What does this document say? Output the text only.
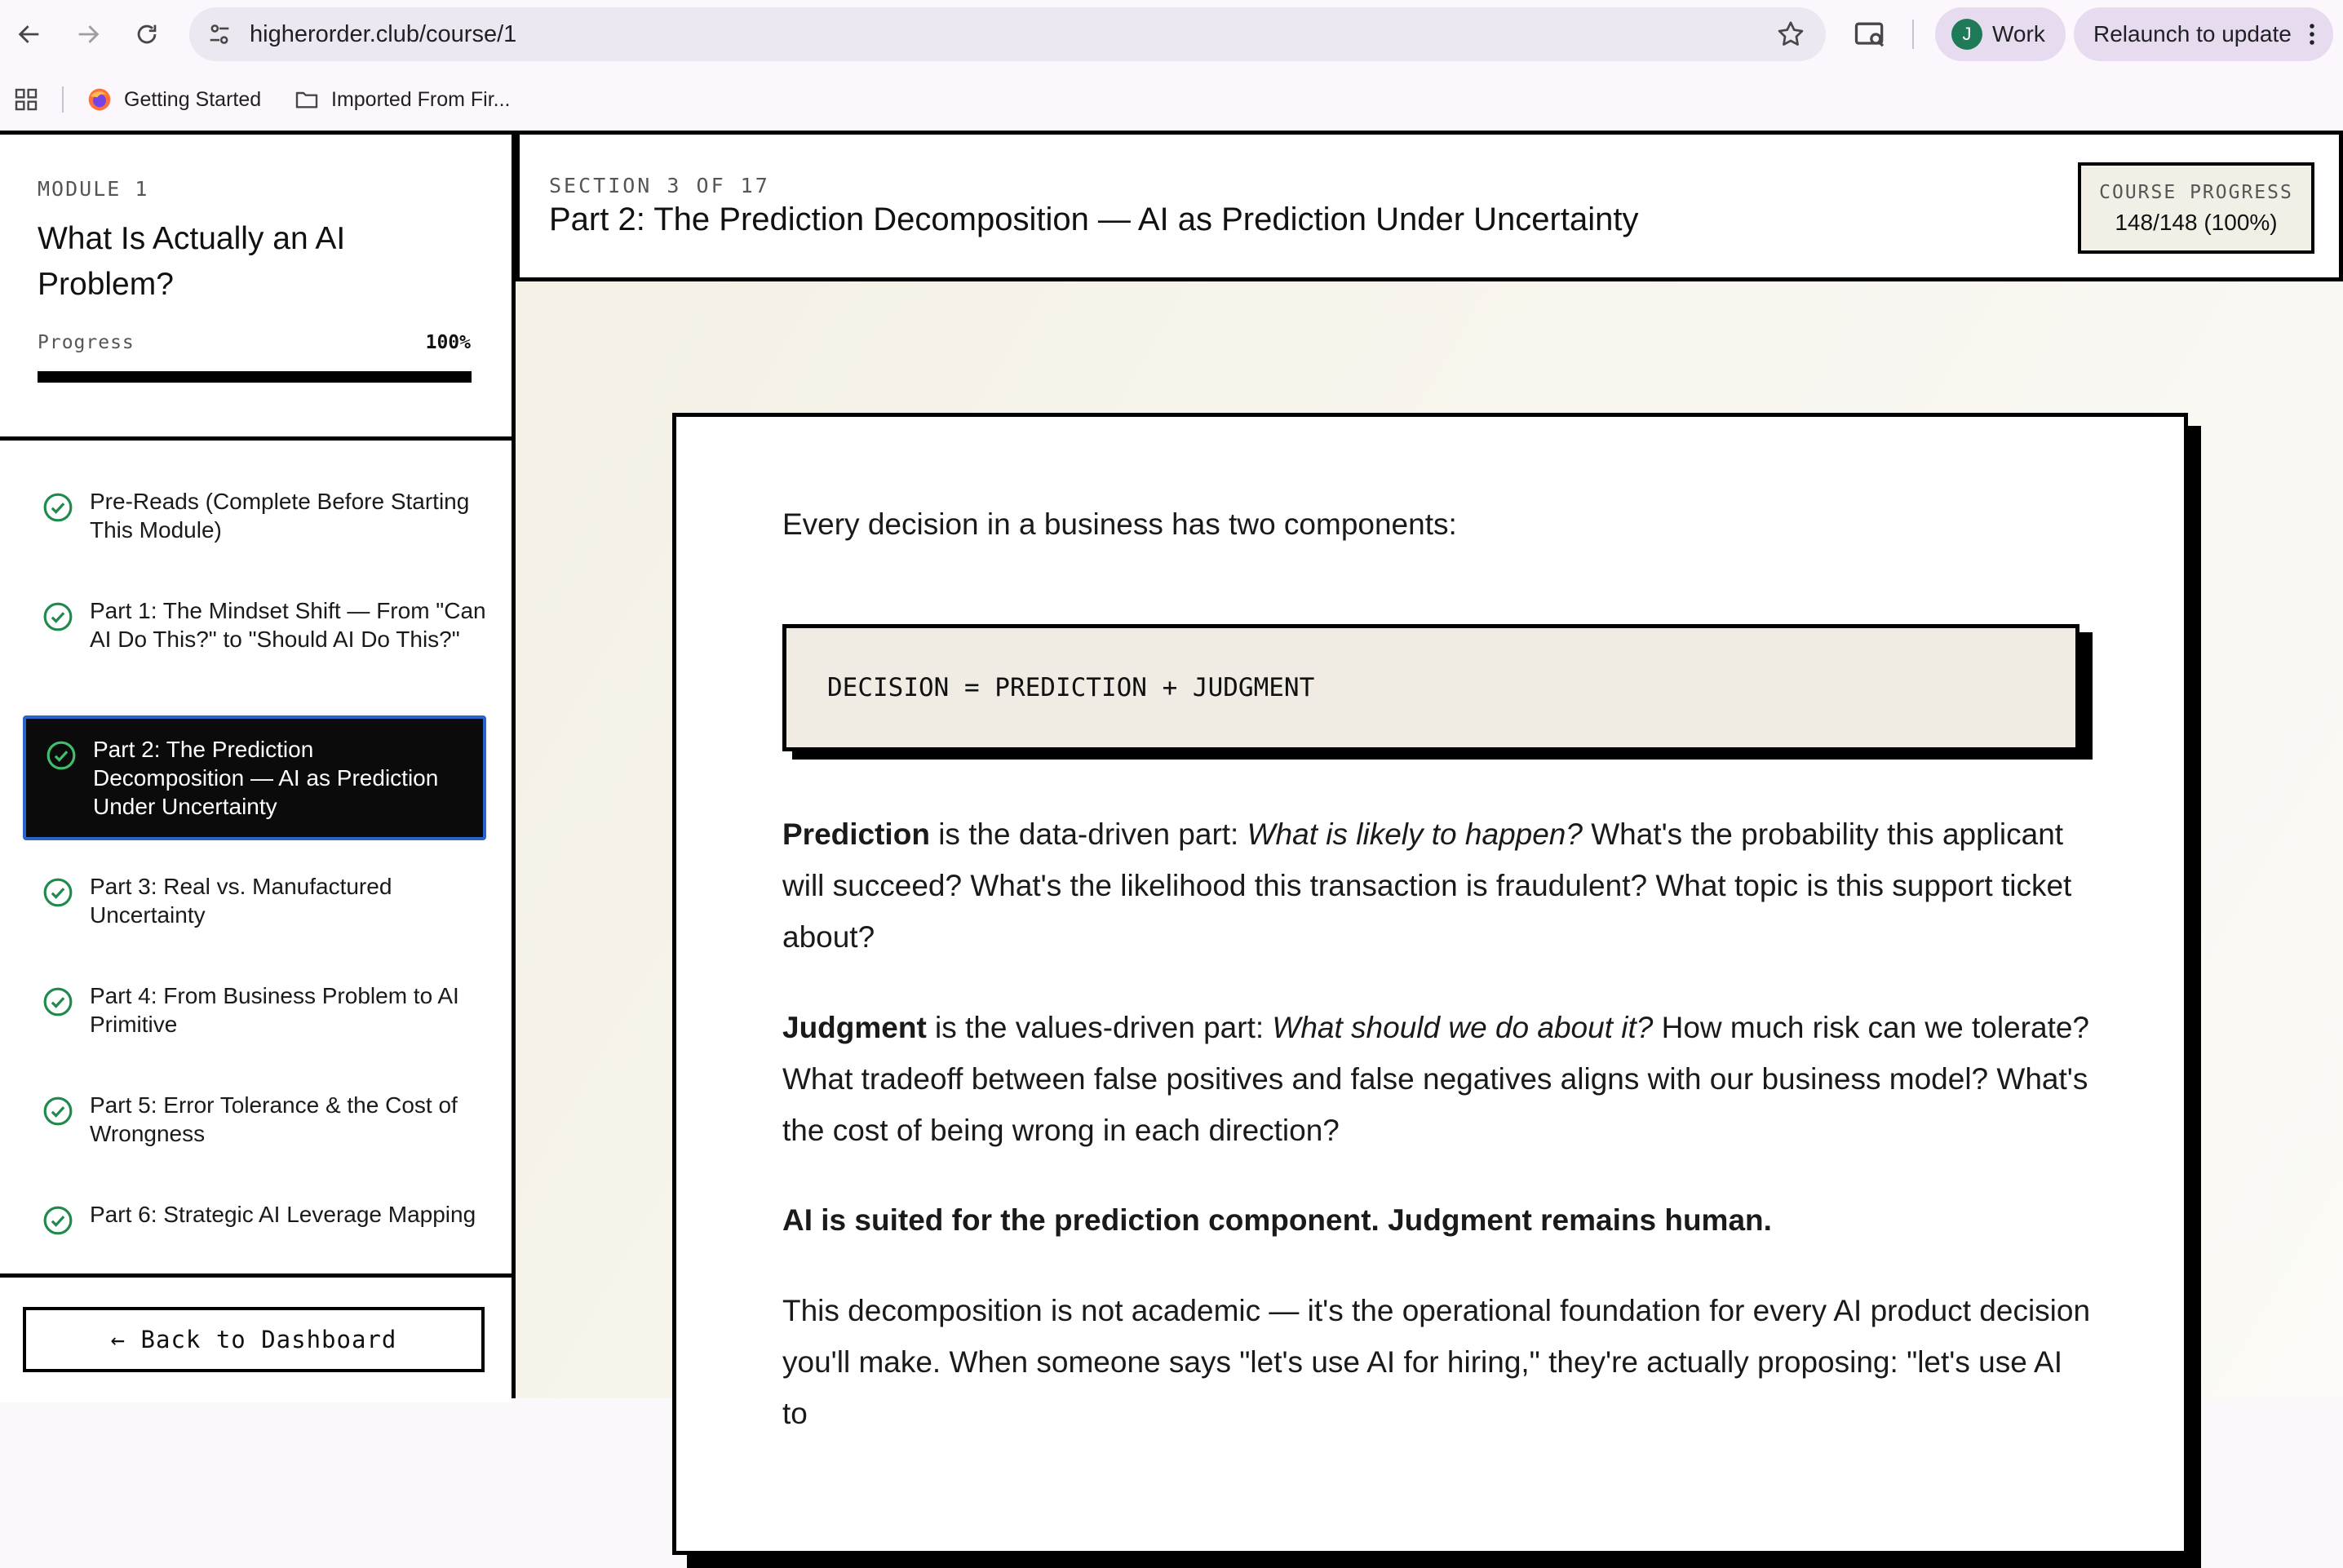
higherorder.club/course/1	J Work Relaunch to update
Getting Started	Imported From Fir...
MODULE 1
What Is Actually an AI Problem?
Progress	100%
Pre-Reads (Complete Before Starting This Module)
Part 1: The Mindset Shift — From "Can AI Do This?" to "Should AI Do This?"
Part 2: The Prediction Decomposition — AI as Prediction Under Uncertainty
Part 3: Real vs. Manufactured Uncertainty
Part 4: From Business Problem to AI Primitive
Part 5: Error Tolerance & the Cost of Wrongness
Part 6: Strategic AI Leverage Mapping
← Back to Dashboard
SECTION 3 OF 17
Part 2: The Prediction Decomposition — AI as Prediction Under Uncertainty
COURSE PROGRESS
148/148 (100%)
Every decision in a business has two components:
DECISION = PREDICTION + JUDGMENT
Prediction is the data-driven part: What is likely to happen? What's the probability this applicant will succeed? What's the likelihood this transaction is fraudulent? What topic is this support ticket about?
Judgment is the values-driven part: What should we do about it? How much risk can we tolerate? What tradeoff between false positives and false negatives aligns with our business model? What's the cost of being wrong in each direction?
AI is suited for the prediction component. Judgment remains human.
This decomposition is not academic — it's the operational foundation for every AI product decision you'll make. When someone says "let's use AI for hiring," they're actually proposing: "let's use AI to
